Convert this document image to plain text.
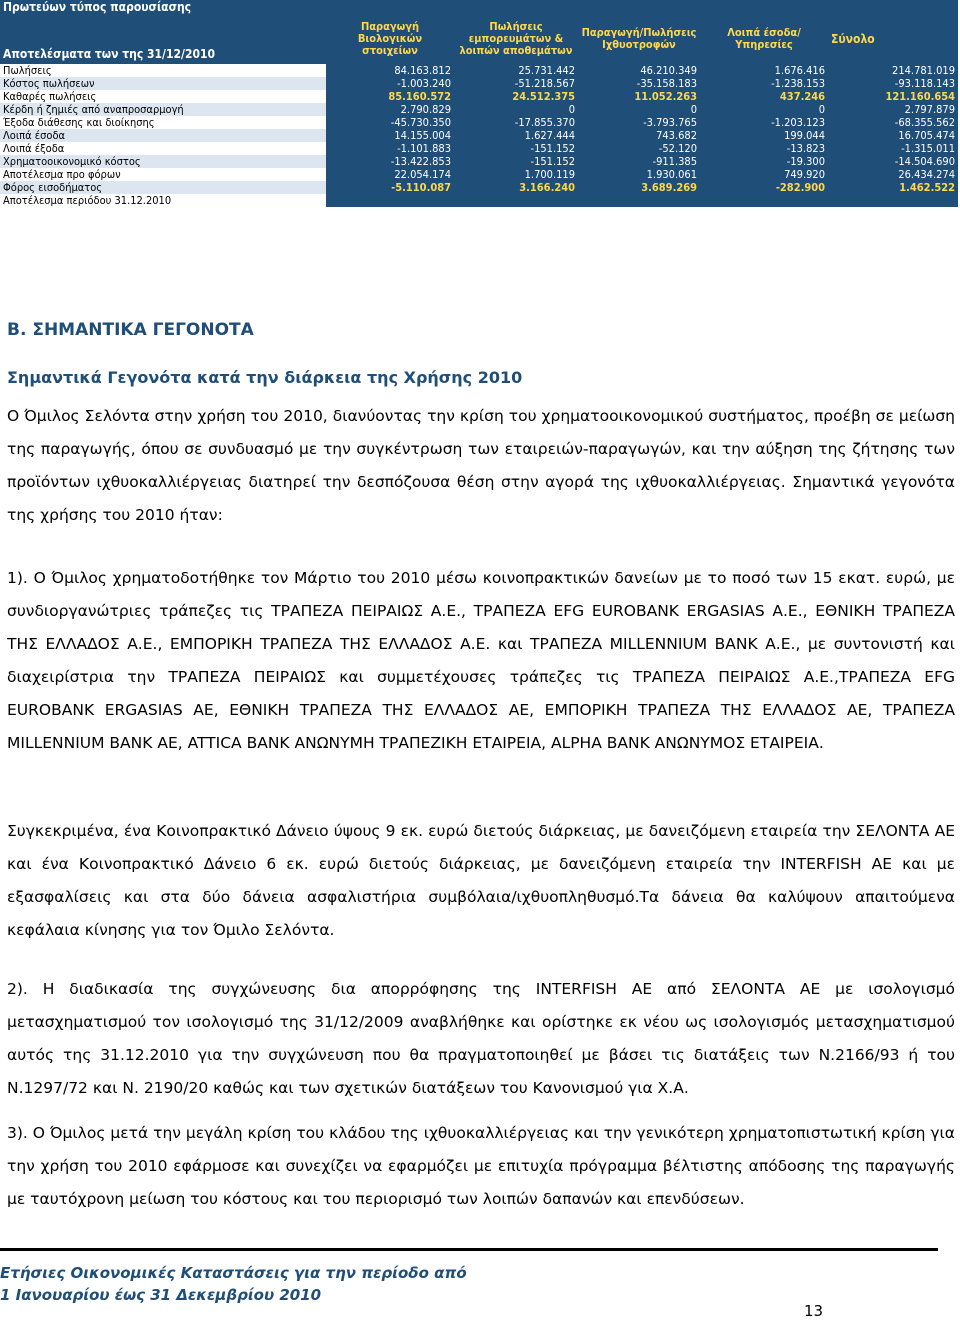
Πρωτεύων τύπος παρουσίασης					
Αποτελέσματα των της 31/12/2010	Παραγωγή Βιολογικών στοιχείων	Πωλήσεις εμπορευμάτων & λοιπών αποθεμάτων	Παραγωγή/Πωλήσεις Ιχθυοτροφών	Λοιπά έσοδα/ Υπηρεσίες	Σύνολο
Πωλήσεις	84.163.812	25.731.442	46.210.349	1.676.416	214.781.019
Κόστος πωλήσεων	-1.003.240	-51.218.567	-35.158.183	-1.238.153	-93.118.143
Καθαρές πωλήσεις	85.160.572	24.512.375	11.052.263	437.246	121.160.654
Κέρδη ή ζημιές από αναπροσαρμογή	2.790.829	0	0	0	2.797.879
Έξοδα διάθεσης και διοίκησης	-45.730.350	-17.855.370	-3.793.765	-1.203.123	-68.355.562
Λοιπά έσοδα	14.155.004	1.627.444	743.682	199.044	16.705.474
Λοιπά έξοδα	-1.101.883	-151.152	-52.120	-13.823	-1.315.011
Χρηματοοικονομικό κόστος	-13.422.853	-151.152	-911.385	-19.300	-14.504.690
Αποτέλεσμα προ φόρων	22.054.174	1.700.119	1.930.061	749.920	26.434.274
Φόρος εισοδήματος	-5.110.087	3.166.240	3.689.269	-282.900	1.462.522
Αποτέλεσμα περιόδου 31.12.2010					
Β. ΣΗΜΑΝΤΙΚΑ ΓΕΓΟΝΟΤΑ
Σημαντικά Γεγονότα κατά την διάρκεια της Χρήσης 2010
Ο Όμιλος Σελόντα στην χρήση του 2010, διανύοντας την κρίση του χρηματοοικονομικού συστήματος, προέβη σε μείωση της παραγωγής, όπου σε συνδυασμό με την συγκέντρωση των εταιρειών-παραγωγών, και την αύξηση της ζήτησης των προϊόντων ιχθυοκαλλιέργειας διατηρεί την δεσπόζουσα θέση στην αγορά της ιχθυοκαλλιέργειας. Σημαντικά γεγονότα της χρήσης του 2010 ήταν:
1). Ο Όμιλος χρηματοδοτήθηκε τον Μάρτιο του 2010 μέσω κοινοπρακτικών δανείων με το ποσό των 15 εκατ. ευρώ, με συνδιοργανώτριες τράπεζες τις ΤΡΑΠΕΖΑ ΠΕΙΡΑΙΩΣ Α.Ε., ΤΡΑΠΕΖΑ EFG EUROBANK ERGASIAS Α.Ε., ΕΘΝΙΚΗ ΤΡΑΠΕΖΑ ΤΗΣ ΕΛΛΑΔΟΣ Α.Ε., ΕΜΠΟΡΙΚΗ ΤΡΑΠΕΖΑ ΤΗΣ ΕΛΛΑΔΟΣ Α.Ε. και ΤΡΑΠΕΖΑ MILLENNIUM BANK Α.Ε., με συντονιστή και διαχειρίστρια την ΤΡΑΠΕΖΑ ΠΕΙΡΑΙΩΣ και συμμετέχουσες τράπεζες τις ΤΡΑΠΕΖΑ ΠΕΙΡΑΙΩΣ Α.Ε.,ΤΡΑΠΕΖΑ EFG EUROBANK ERGASIAS ΑΕ, ΕΘΝΙΚΗ ΤΡΑΠΕΖΑ ΤΗΣ ΕΛΛΑΔΟΣ ΑΕ, ΕΜΠΟΡΙΚΗ ΤΡΑΠΕΖΑ ΤΗΣ ΕΛΛΑΔΟΣ ΑΕ, ΤΡΑΠΕΖΑ MILLENNIUM BANK ΑΕ, ATTICA BANK ΑΝΩΝΥΜΗ ΤΡΑΠΕΖΙΚΗ ΕΤΑΙΡΕΙΑ, ALPHA BANK ΑΝΩΝΥΜΟΣ ΕΤΑΙΡΕΙΑ.
Συγκεκριμένα, ένα Κοινοπρακτικό Δάνειο ύψους 9 εκ. ευρώ διετούς διάρκειας, με δανειζόμενη εταιρεία την ΣΕΛΟΝΤΑ ΑΕ και ένα Κοινοπρακτικό Δάνειο 6 εκ. ευρώ διετούς διάρκειας, με δανειζόμενη εταιρεία την INTERFISH ΑΕ και με εξασφαλίσεις και στα δύο δάνεια ασφαλιστήρια συμβόλαια/ιχθυοπληθυσμό.Τα δάνεια θα καλύψουν απαιτούμενα κεφάλαια κίνησης για τον Όμιλο Σελόντα.
2). Η διαδικασία της συγχώνευσης δια απορρόφησης της INTERFISH ΑΕ από ΣΕΛΟΝΤΑ ΑΕ με ισολογισμό μετασχηματισμού τον ισολογισμό της 31/12/2009 αναβλήθηκε και ορίστηκε εκ νέου ως ισολογισμός μετασχηματισμού αυτός της 31.12.2010 για την συγχώνευση που θα πραγματοποιηθεί με βάσει τις διατάξεις των Ν.2166/93 ή του Ν.1297/72 και Ν. 2190/20 καθώς και των σχετικών διατάξεων του Κανονισμού για Χ.Α.
3). Ο Όμιλος μετά την μεγάλη κρίση του κλάδου της ιχθυοκαλλιέργειας και την γενικότερη χρηματοπιστωτική κρίση για την χρήση του 2010 εφάρμοσε και συνεχίζει να εφαρμόζει με επιτυχία πρόγραμμα βέλτιστης απόδοσης της παραγωγής με ταυτόχρονη μείωση του κόστους και του περιορισμό των λοιπών δαπανών και επενδύσεων.
Ετήσιες Οικονομικές Καταστάσεις για την περίοδο από
1 Ιανουαρίου έως 31 Δεκεμβρίου 2010
13
